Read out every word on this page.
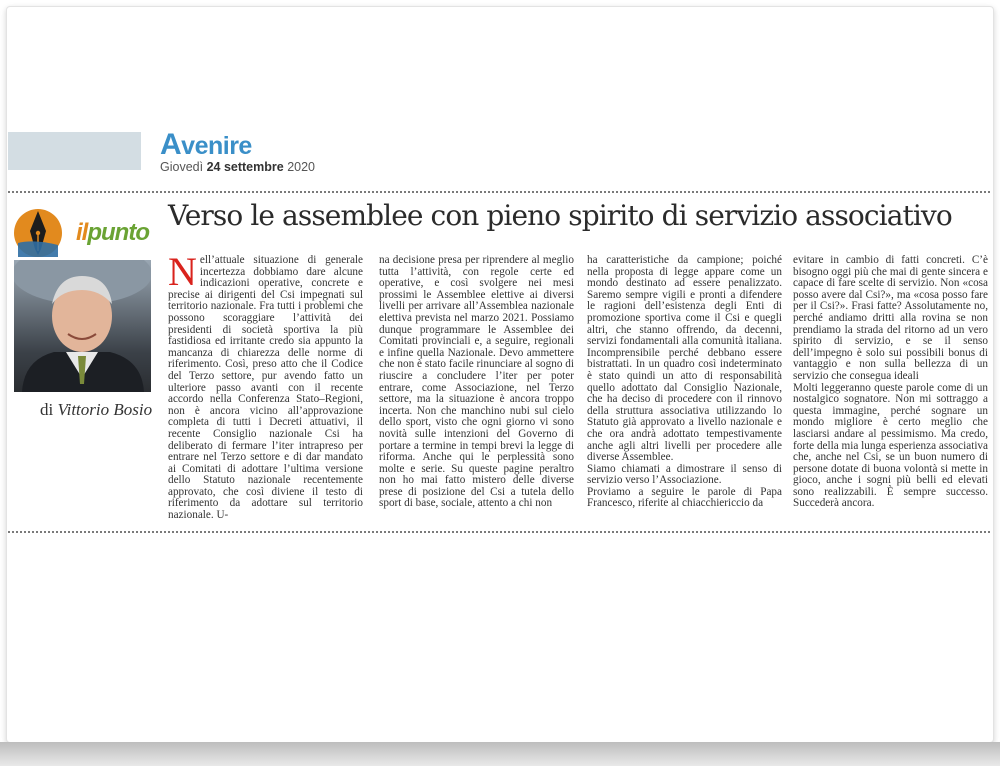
Avenire
Giovedì 24 settembre 2020
ilpunto
di Vittorio Bosio
Verso le assemblee con pieno spirito di servizio associativo

Nell’attuale situazione di generale incertezza dobbiamo dare alcune indicazioni operative, concrete e precise ai dirigenti del Csi impegnati sul territorio nazionale. Fra tutti i problemi che possono scoraggiare l’attività dei presidenti di società sportiva la più fastidiosa ed irritante credo sia appunto la mancanza di chiarezza delle norme di riferimento. Così, preso atto che il Codice del Terzo settore, pur avendo fatto un ulteriore passo avanti con il recente accordo nella Conferenza Stato–Regioni, non è ancora vicino all’approvazione completa di tutti i Decreti attuativi, il recente Consiglio nazionale Csi ha deliberato di fermare l’iter intrapreso per entrare nel Terzo settore e di dar mandato ai Comitati di adottare l’ultima versione dello Statuto nazionale recentemente approvato, che così diviene il testo di riferimento da adottare sul territorio nazionale. U-

na decisione presa per riprendere al meglio tutta l’attività, con regole certe ed operative, e così svolgere nei mesi prossimi le Assemblee elettive ai diversi livelli per arrivare all’Assemblea nazionale elettiva prevista nel marzo 2021. Possiamo dunque programmare le Assemblee dei Comitati provinciali e, a seguire, regionali e infine quella Nazionale. Devo ammettere che non è stato facile rinunciare al sogno di riuscire a concludere l’iter per poter entrare, come Associazione, nel Terzo settore, ma la situazione è ancora troppo incerta. Non che manchino nubi sul cielo dello sport, visto che ogni giorno vi sono novità sulle intenzioni del Governo di portare a termine in tempi brevi la legge di riforma. Anche qui le perplessità sono molte e serie. Su queste pagine peraltro non ho mai fatto mistero delle diverse prese di posizione del Csi a tutela dello sport di base, sociale, attento a chi non

ha caratteristiche da campione; poiché nella proposta di legge appare come un mondo destinato ad essere penalizzato. Saremo sempre vigili e pronti a difendere le ragioni dell’esistenza degli Enti di promozione sportiva come il Csi e quegli altri, che stanno offrendo, da decenni, servizi fondamentali alla comunità italiana. Incomprensibile perché debbano essere bistrattati. In un quadro così indeterminato è stato quindi un atto di responsabilità quello adottato dal Consiglio Nazionale, che ha deciso di procedere con il rinnovo della struttura associativa utilizzando lo Statuto già approvato a livello nazionale e che ora andrà adottato tempestivamente anche agli altri livelli per procedere alle diverse Assemblee.

Siamo chiamati a dimostrare il senso di servizio verso l’Associazione.

Proviamo a seguire le parole di Papa Francesco, riferite al chiacchiericcio da

evitare in cambio di fatti concreti. C’è bisogno oggi più che mai di gente sincera e capace di fare scelte di servizio. Non «cosa posso avere dal Csi?», ma «cosa posso fare per il Csi?». Frasi fatte? Assolutamente no, perché andiamo dritti alla rovina se non prendiamo la strada del ritorno ad un vero spirito di servizio, e se il senso dell’impegno è solo sui possibili bonus di vantaggio e non sulla bellezza di un servizio che consegua ideali

Molti leggeranno queste parole come di un nostalgico sognatore. Non mi sottraggo a questa immagine, perché sognare un mondo migliore è certo meglio che lasciarsi andare al pessimismo. Ma credo, forte della mia lunga esperienza associativa che, anche nel Csi, se un buon numero di persone dotate di buona volontà si mette in gioco, anche i sogni più belli ed elevati sono realizzabili. È sempre successo. Succederà ancora.
